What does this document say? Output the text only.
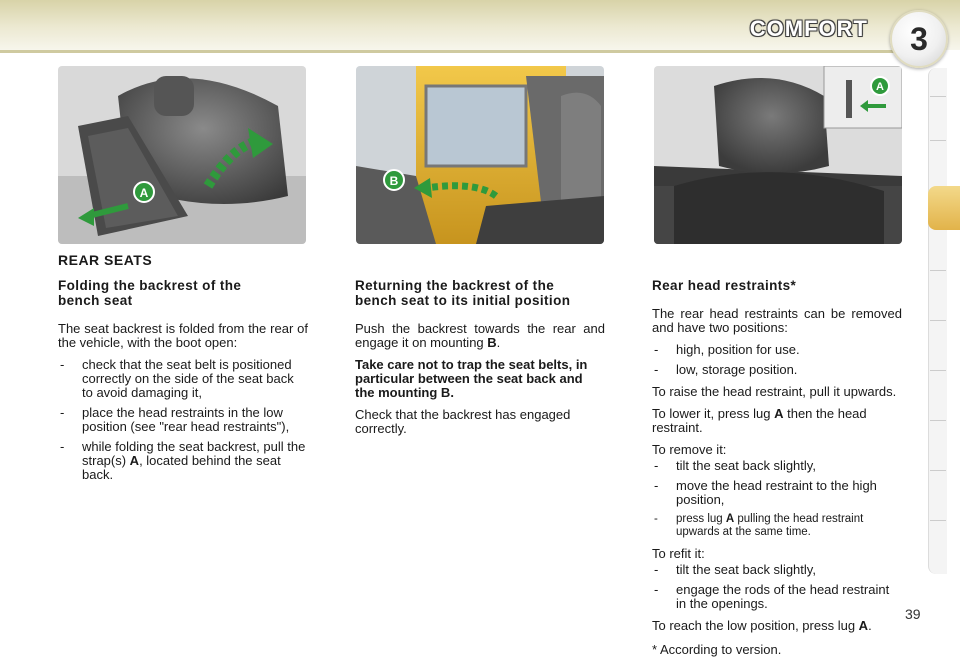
COMFORT 3
A
B
A
REAR SEATS
Folding the backrest of the bench seat

The seat backrest is folded from the rear of the vehicle, with the boot open:

- check that the seat belt is positioned correctly on the side of the seat back to avoid damaging it,
- place the head restraints in the low position (see "rear head restraints"),
- while folding the seat backrest, pull the strap(s) A, located behind the seat back.
Returning the backrest of the bench seat to its initial position

Push the backrest towards the rear and engage it on mounting B.

Take care not to trap the seat belts, in particular between the seat back and the mounting B.

Check that the backrest has engaged correctly.

Rear head restraints*

The rear head restraints can be removed and have two positions:

- high, position for use.
- low, storage position.

To raise the head restraint, pull it upwards.

To lower it, press lug A then the head restraint.

To remove it:

- tilt the seat back slightly,
- move the head restraint to the high position,
- press lug A pulling the head restraint upwards at the same time.

To refit it:

- tilt the seat back slightly,
- engage the rods of the head restraint in the openings.

To reach the low position, press lug A.

* According to version.

39
